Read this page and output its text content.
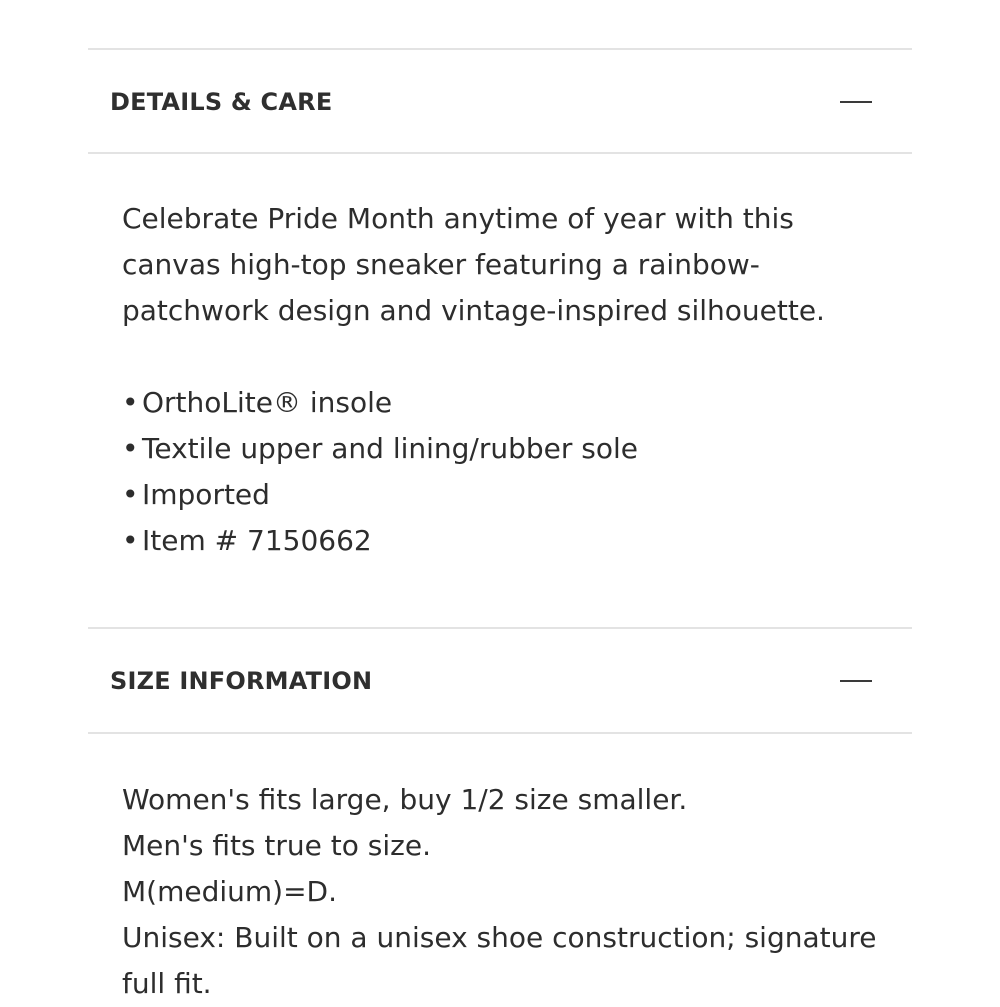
DETAILS & CARE

Celebrate Pride Month anytime of year with this

canvas high-top sneaker featuring a rainbow-

patchwork design and vintage-inspired silhouette.

• OrthoLite® insole
• Textile upper and lining/rubber sole
• Imported
• Item # 7150662
SIZE INFORMATION

Women's fits large, buy 1/2 size smaller.

Men's fits true to size.

M(medium)=D.

Unisex: Built on a unisex shoe construction; signature

full fit.
